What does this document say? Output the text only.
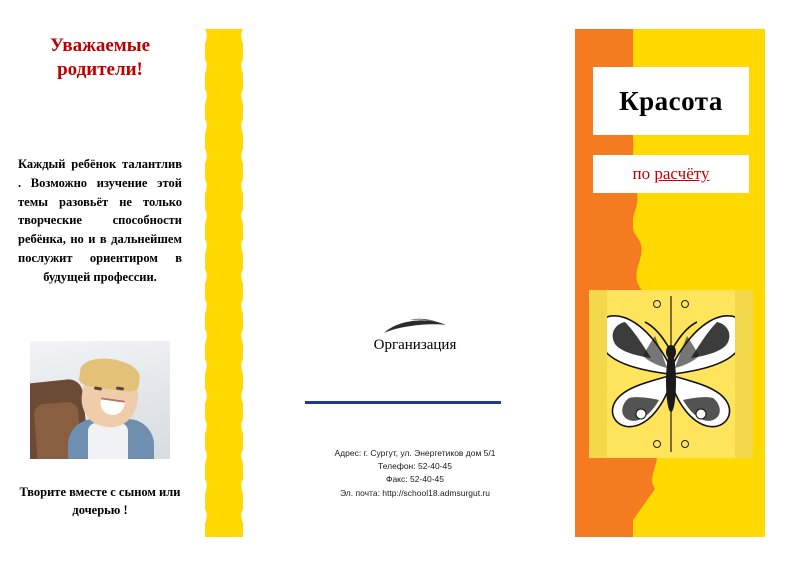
Уважаемые родители!
Каждый ребёнок талантлив . Возможно изучение этой темы разовьёт не только творческие способности ребёнка, но и в дальнейшем послужит ориентиром в будущей профессии.
Творите вместе с сыном или дочерью !
Организация
Адрес: г. Сургут, ул. Энергетиков дом 5/1
Телефон: 52-40-45
Факс: 52-40-45
Эл. почта: http://school18.admsurgut.ru
Красота
по расчёту
